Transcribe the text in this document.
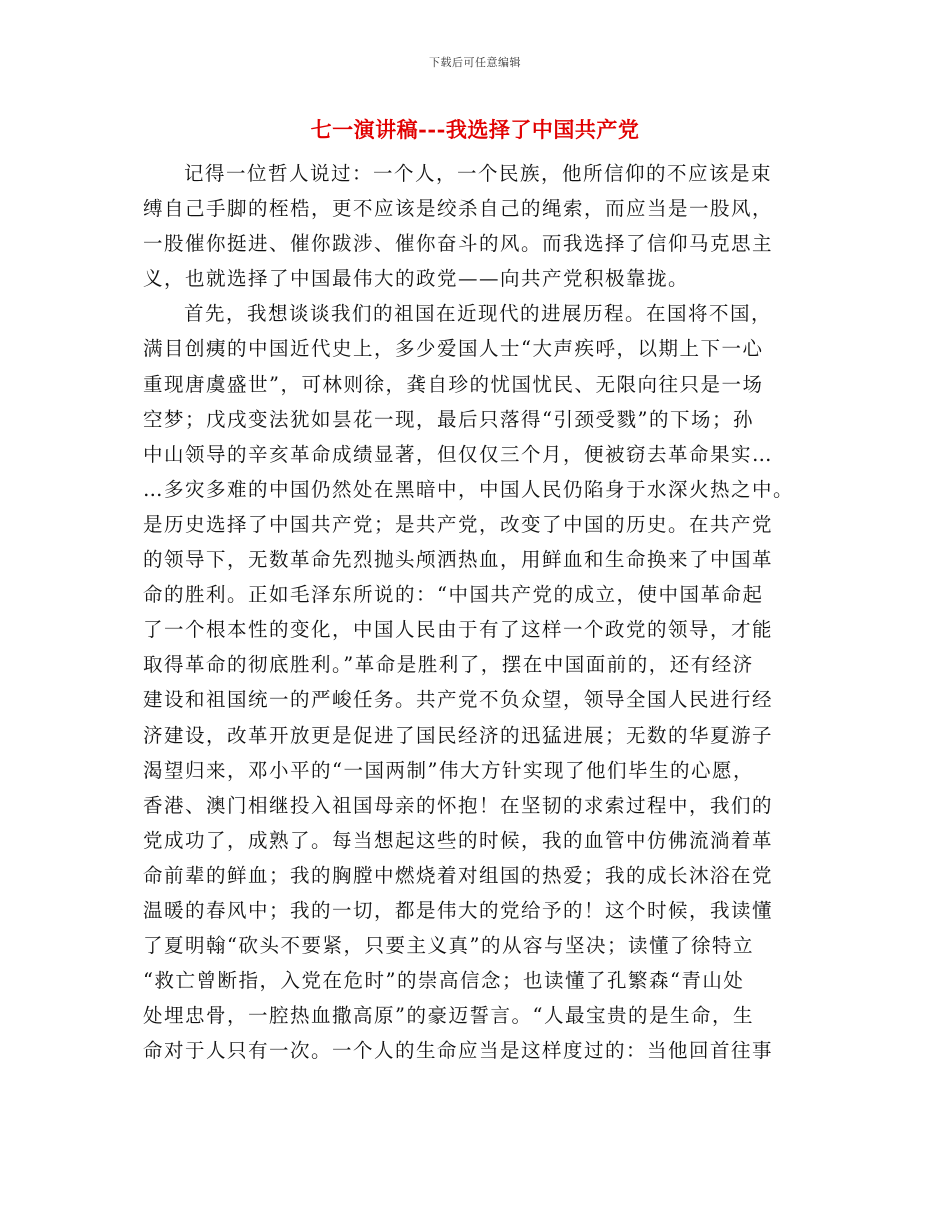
下载后可任意编辑
七一演讲稿---我选择了中国共产党
记得一位哲人说过：一个人，一个民族，他所信仰的不应该是束
缚自己手脚的桎梏，更不应该是绞杀自己的绳索，而应当是一股风，
一股催你挺进、催你跋涉、催你奋斗的风。而我选择了信仰马克思主
义，也就选择了中国最伟大的政党——向共产党积极靠拢。
首先，我想谈谈我们的祖国在近现代的进展历程。在国将不国，
满目创痍的中国近代史上，多少爱国人士“大声疾呼，以期上下一心
重现唐虞盛世”，可林则徐，龚自珍的忧国忧民、无限向往只是一场
空梦；戊戌变法犹如昙花一现，最后只落得“引颈受戮”的下场；孙
中山领导的辛亥革命成绩显著，但仅仅三个月，便被窃去革命果实…
…多灾多难的中国仍然处在黑暗中，中国人民仍陷身于水深火热之中。
是历史选择了中国共产党；是共产党，改变了中国的历史。在共产党
的领导下，无数革命先烈抛头颅洒热血，用鲜血和生命换来了中国革
命的胜利。正如毛泽东所说的：“中国共产党的成立，使中国革命起
了一个根本性的变化，中国人民由于有了这样一个政党的领导，才能
取得革命的彻底胜利。”革命是胜利了，摆在中国面前的，还有经济
建设和祖国统一的严峻任务。共产党不负众望，领导全国人民进行经
济建设，改革开放更是促进了国民经济的迅猛进展；无数的华夏游子
渴望归来，邓小平的“一国两制”伟大方针实现了他们毕生的心愿，
香港、澳门相继投入祖国母亲的怀抱！在坚韧的求索过程中，我们的
党成功了，成熟了。每当想起这些的时候，我的血管中仿佛流淌着革
命前辈的鲜血；我的胸膛中燃烧着对组国的热爱；我的成长沐浴在党
温暖的春风中；我的一切，都是伟大的党给予的！这个时候，我读懂
了夏明翰“砍头不要紧，只要主义真”的从容与坚决；读懂了徐特立
“救亡曾断指，入党在危时”的崇高信念；也读懂了孔繁森“青山处
处埋忠骨，一腔热血撒高原”的豪迈誓言。“人最宝贵的是生命，生
命对于人只有一次。一个人的生命应当是这样度过的：当他回首往事
